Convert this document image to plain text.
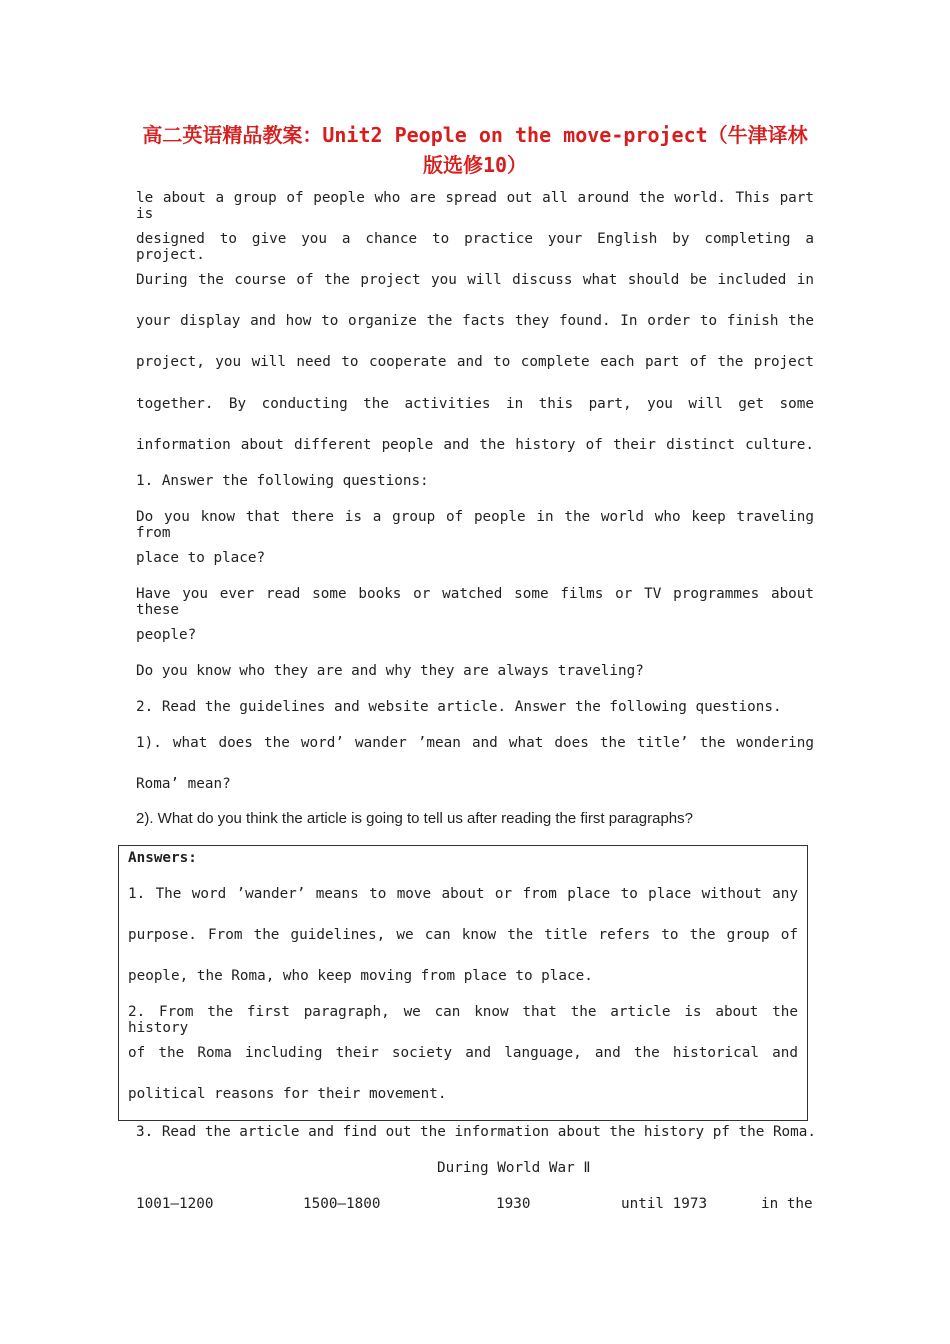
高二英语精品教案：Unit2 People on the move-project（牛津译林
版选修10）
le about a group of people who are spread out all around the world. This part is
designed to give you a chance to practice your English by completing a project.
During the course of the project you will discuss what should be included in
your display and how to organize the facts they found. In order to finish the
project, you will need to cooperate and to complete each part of the project
together. By conducting the activities in this part, you will get some
information about different people and the history of their distinct culture.
1. Answer the following questions:
Do you know that there is a group of people in the world who keep traveling from
place to place?
Have you ever read some books or watched some films or TV programmes about these
people?
Do you know who they are and why they are always traveling?
2. Read the guidelines and website article. Answer the following questions.
1). what does the word’ wander ’mean and what does the title’ the wondering
Roma’ mean?
2). What do you think the article is going to tell us after reading the first paragraphs?
Answers:
1. The word ’wander’ means to move about or from place to place without any
purpose. From the guidelines, we can know the title refers to the group of
people, the Roma, who keep moving from place to place.
2. From the first paragraph, we can know that the article is about the history
of the Roma including their society and language, and the historical and
political reasons for their movement.
3. Read the article and find out the information about the history pf the Roma.
During World War Ⅱ
1001—1200	1500—1800	1930	until 1973	in the
